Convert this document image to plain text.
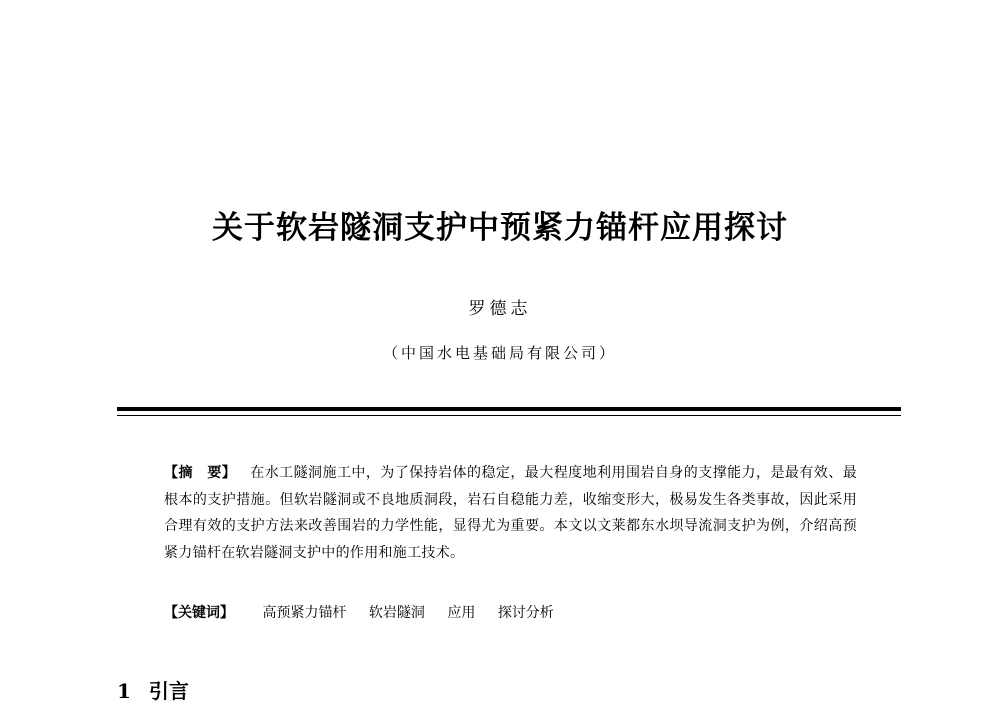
关于软岩隧洞支护中预紧力锚杆应用探讨
罗德志
（中国水电基础局有限公司）
【摘　要】 在水工隧洞施工中，为了保持岩体的稳定，最大程度地利用围岩自身的支撑能力，是最有效、最根本的支护措施。但软岩隧洞或不良地质洞段，岩石自稳能力差，收缩变形大，极易发生各类事故，因此采用合理有效的支护方法来改善围岩的力学性能，显得尤为重要。本文以文莱都东水坝导流洞支护为例，介绍高预紧力锚杆在软岩隧洞支护中的作用和施工技术。
【关键词】 高预紧力锚杆 软岩隧洞 应用 探讨分析
1 引言
